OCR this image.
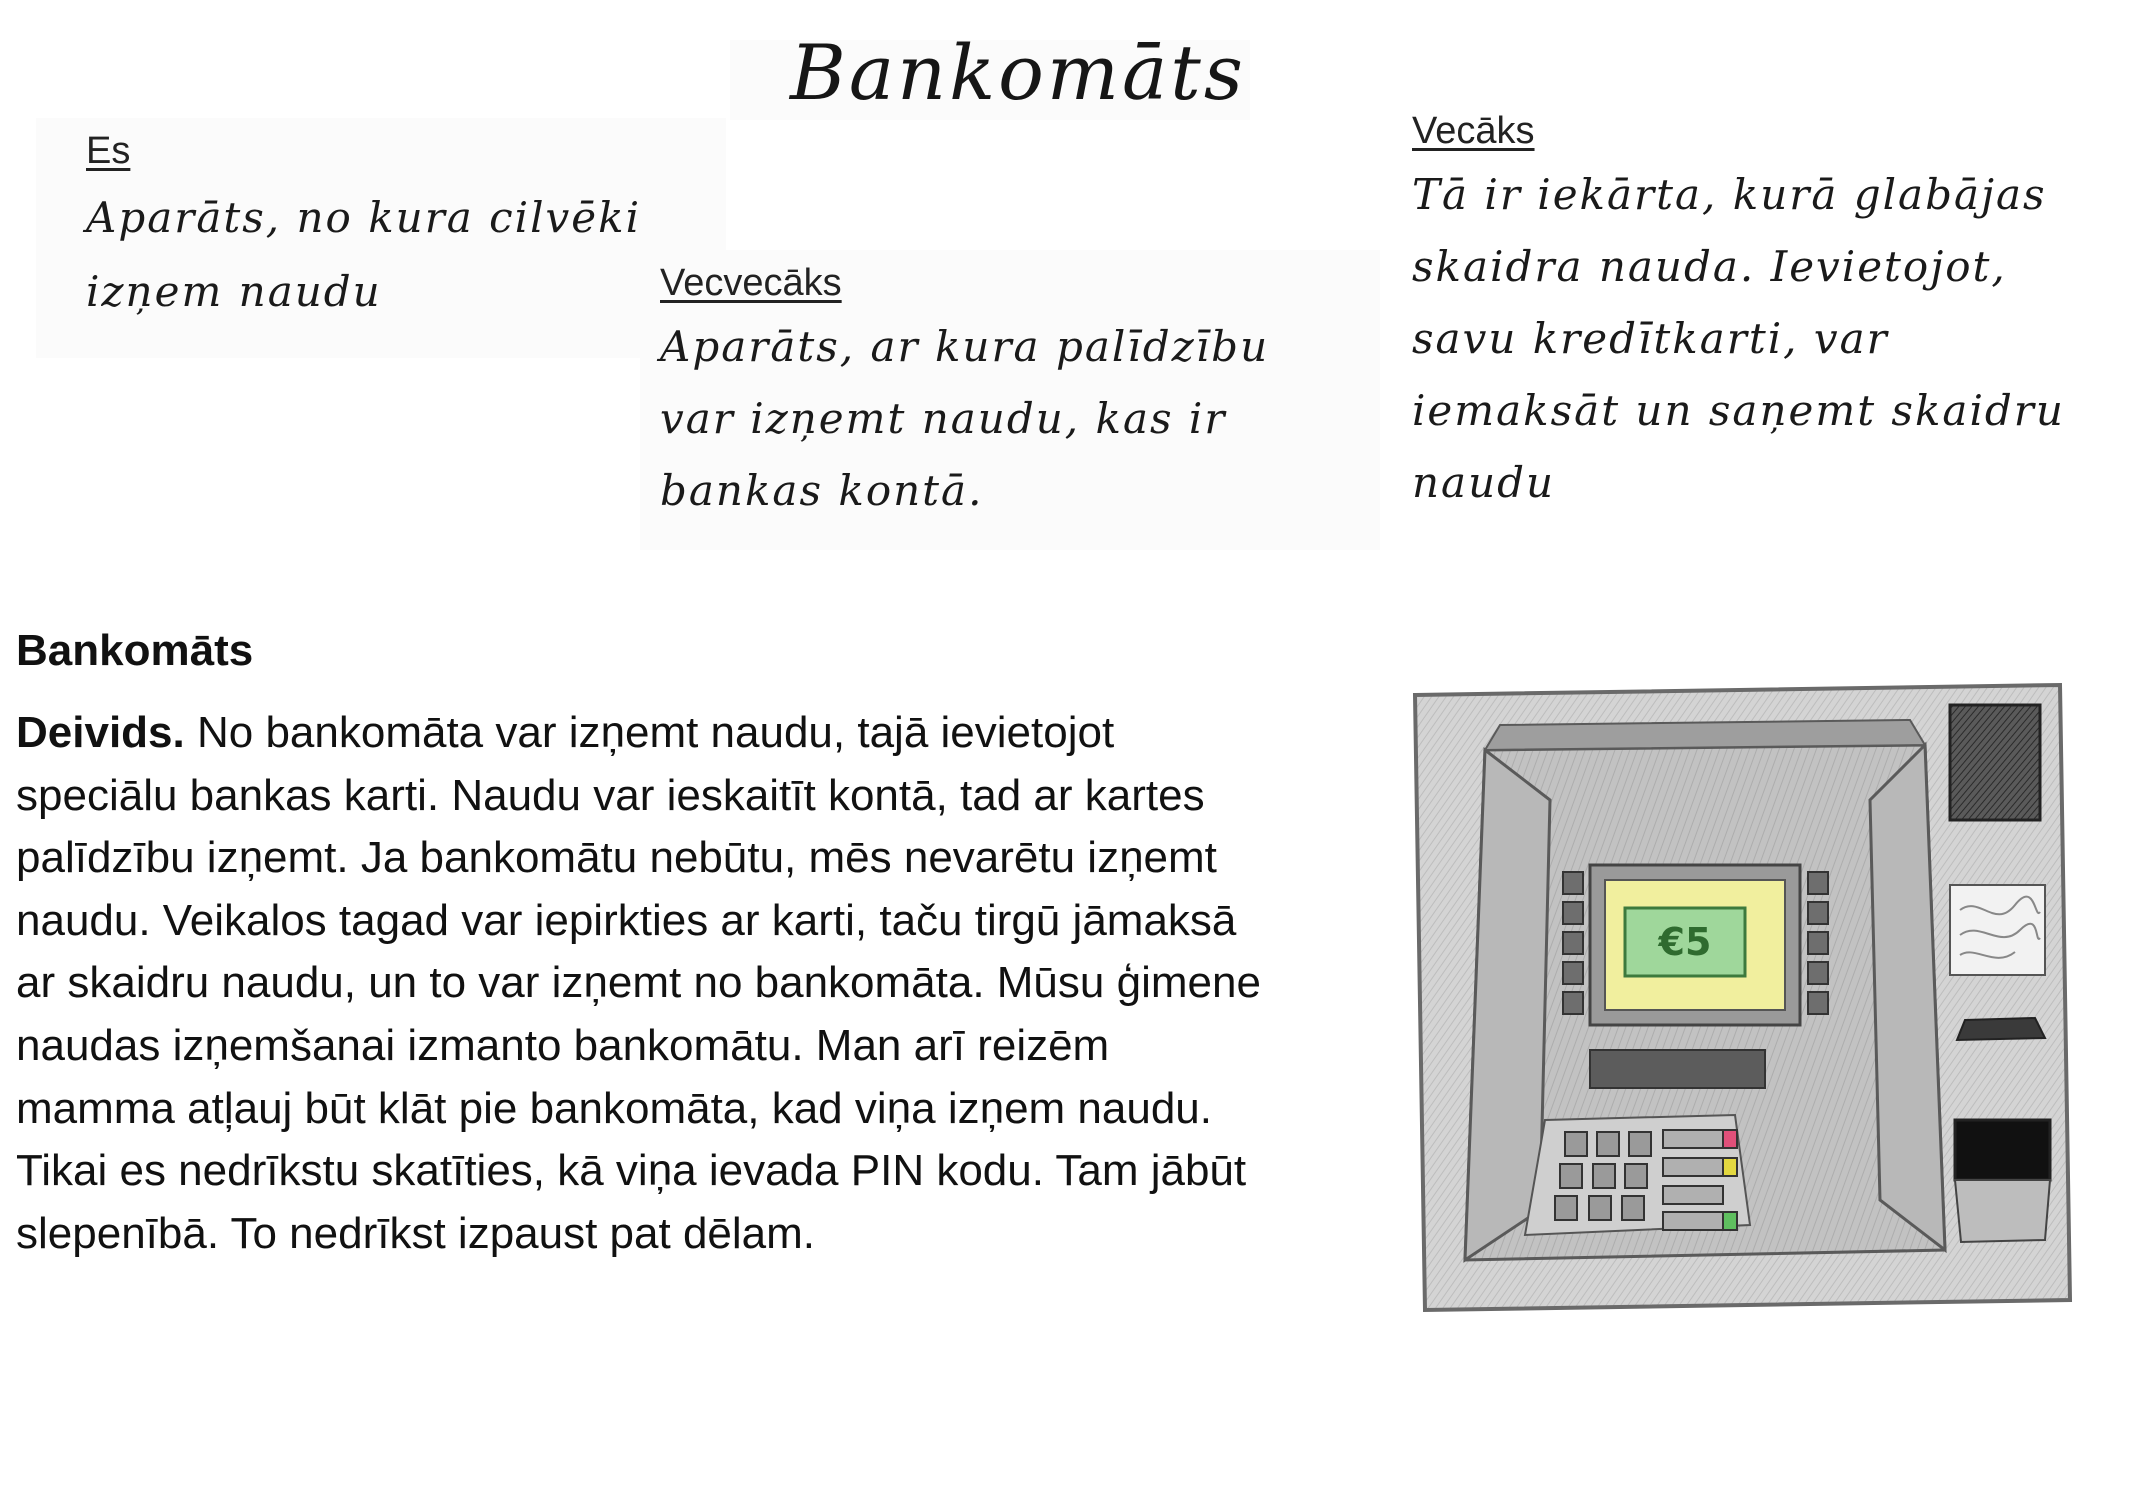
Bankomāts
Es
Aparāts, no kura cilvēki
izņem naudu	Vecvecāks
Aparāts, ar kura palīdzību
var izņemt naudu, kas ir
bankas kontā.
Vecāks
Tā ir iekārta, kurā glabājas
skaidra nauda. Ievietojot,
savu kredītkarti, var
iemaksāt un saņemt skaidru
naudu
Bankomāts

Deivids. No bankomāta var izņemt naudu, tajā ievietojot speciālu bankas karti. Naudu var ieskaitīt kontā, tad ar kartes palīdzību izņemt. Ja bankomātu nebūtu, mēs nevarētu izņemt naudu. Veikalos tagad var iepirkties ar karti, taču tirgū jāmaksā ar skaidru naudu, un to var izņemt no bankomāta. Mūsu ģimene naudas izņemšanai izmanto bankomātu. Man arī reizēm mamma atļauj būt klāt pie bankomāta, kad viņa izņem naudu. Tikai es nedrīkstu skatīties, kā viņa ievada PIN kodu. Tam jābūt slepenībā. To nedrīkst izpaust pat dēlam.

€5
